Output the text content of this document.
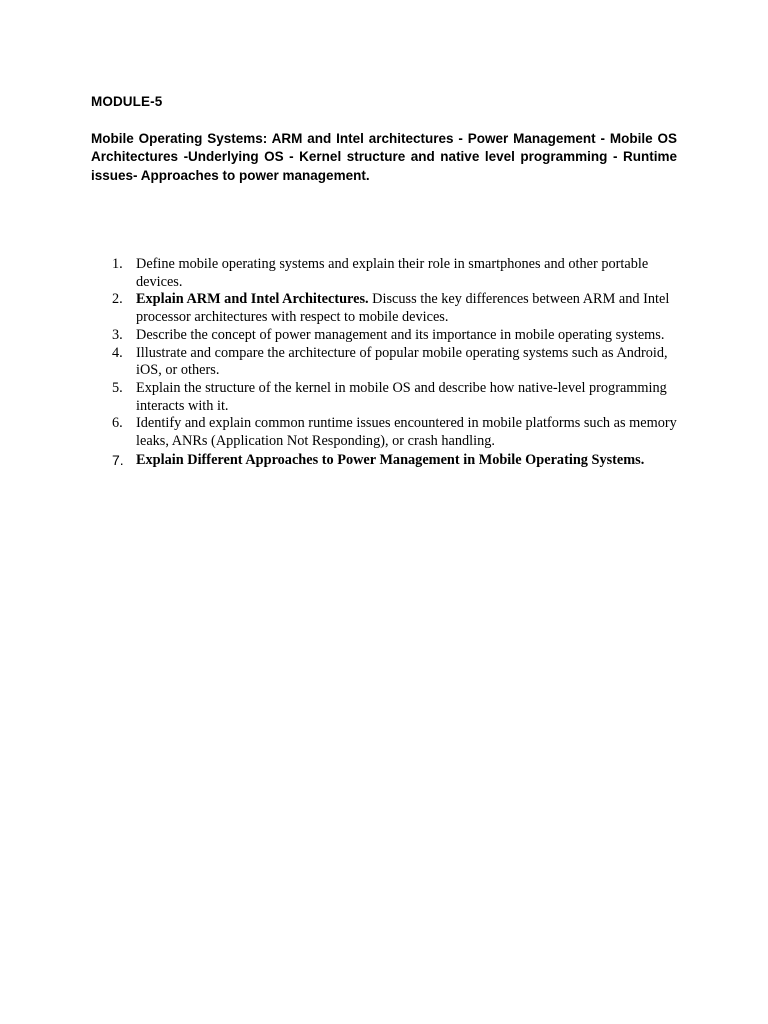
MODULE-5

Mobile Operating Systems: ARM and Intel architectures - Power Management - Mobile OS Architectures -Underlying OS - Kernel structure and native level programming - Runtime issues- Approaches to power management.

1. Define mobile operating systems and explain their role in smartphones and other portable devices.
2. Explain ARM and Intel Architectures. Discuss the key differences between ARM and Intel processor architectures with respect to mobile devices.
3. Describe the concept of power management and its importance in mobile operating systems.
4. Illustrate and compare the architecture of popular mobile operating systems such as Android, iOS, or others.
5. Explain the structure of the kernel in mobile OS and describe how native-level programming interacts with it.
6. Identify and explain common runtime issues encountered in mobile platforms such as memory leaks, ANRs (Application Not Responding), or crash handling.
7. Explain Different Approaches to Power Management in Mobile Operating Systems.
